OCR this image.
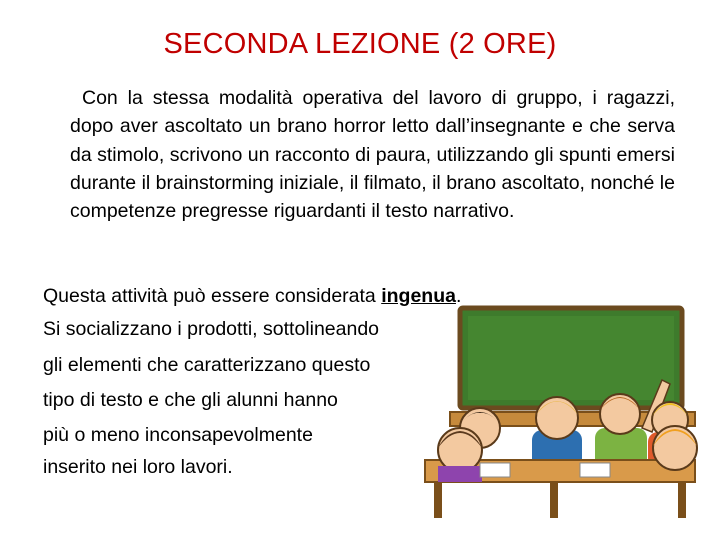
SECONDA LEZIONE (2 ORE)
Con la stessa modalità operativa del lavoro di gruppo, i ragazzi, dopo aver ascoltato un brano horror letto dall’insegnante e che serva da stimolo, scrivono un racconto di paura, utilizzando gli spunti emersi durante il brainstorming iniziale, il filmato, il brano ascoltato, nonché le competenze pregresse riguardanti il testo narrativo.
Questa attività può essere considerata ingenua.
Si socializzano i prodotti, sottolineando
gli elementi che caratterizzano questo
tipo di testo e che gli alunni hanno
più o meno inconsapevolmente
inserito nei loro lavori.
